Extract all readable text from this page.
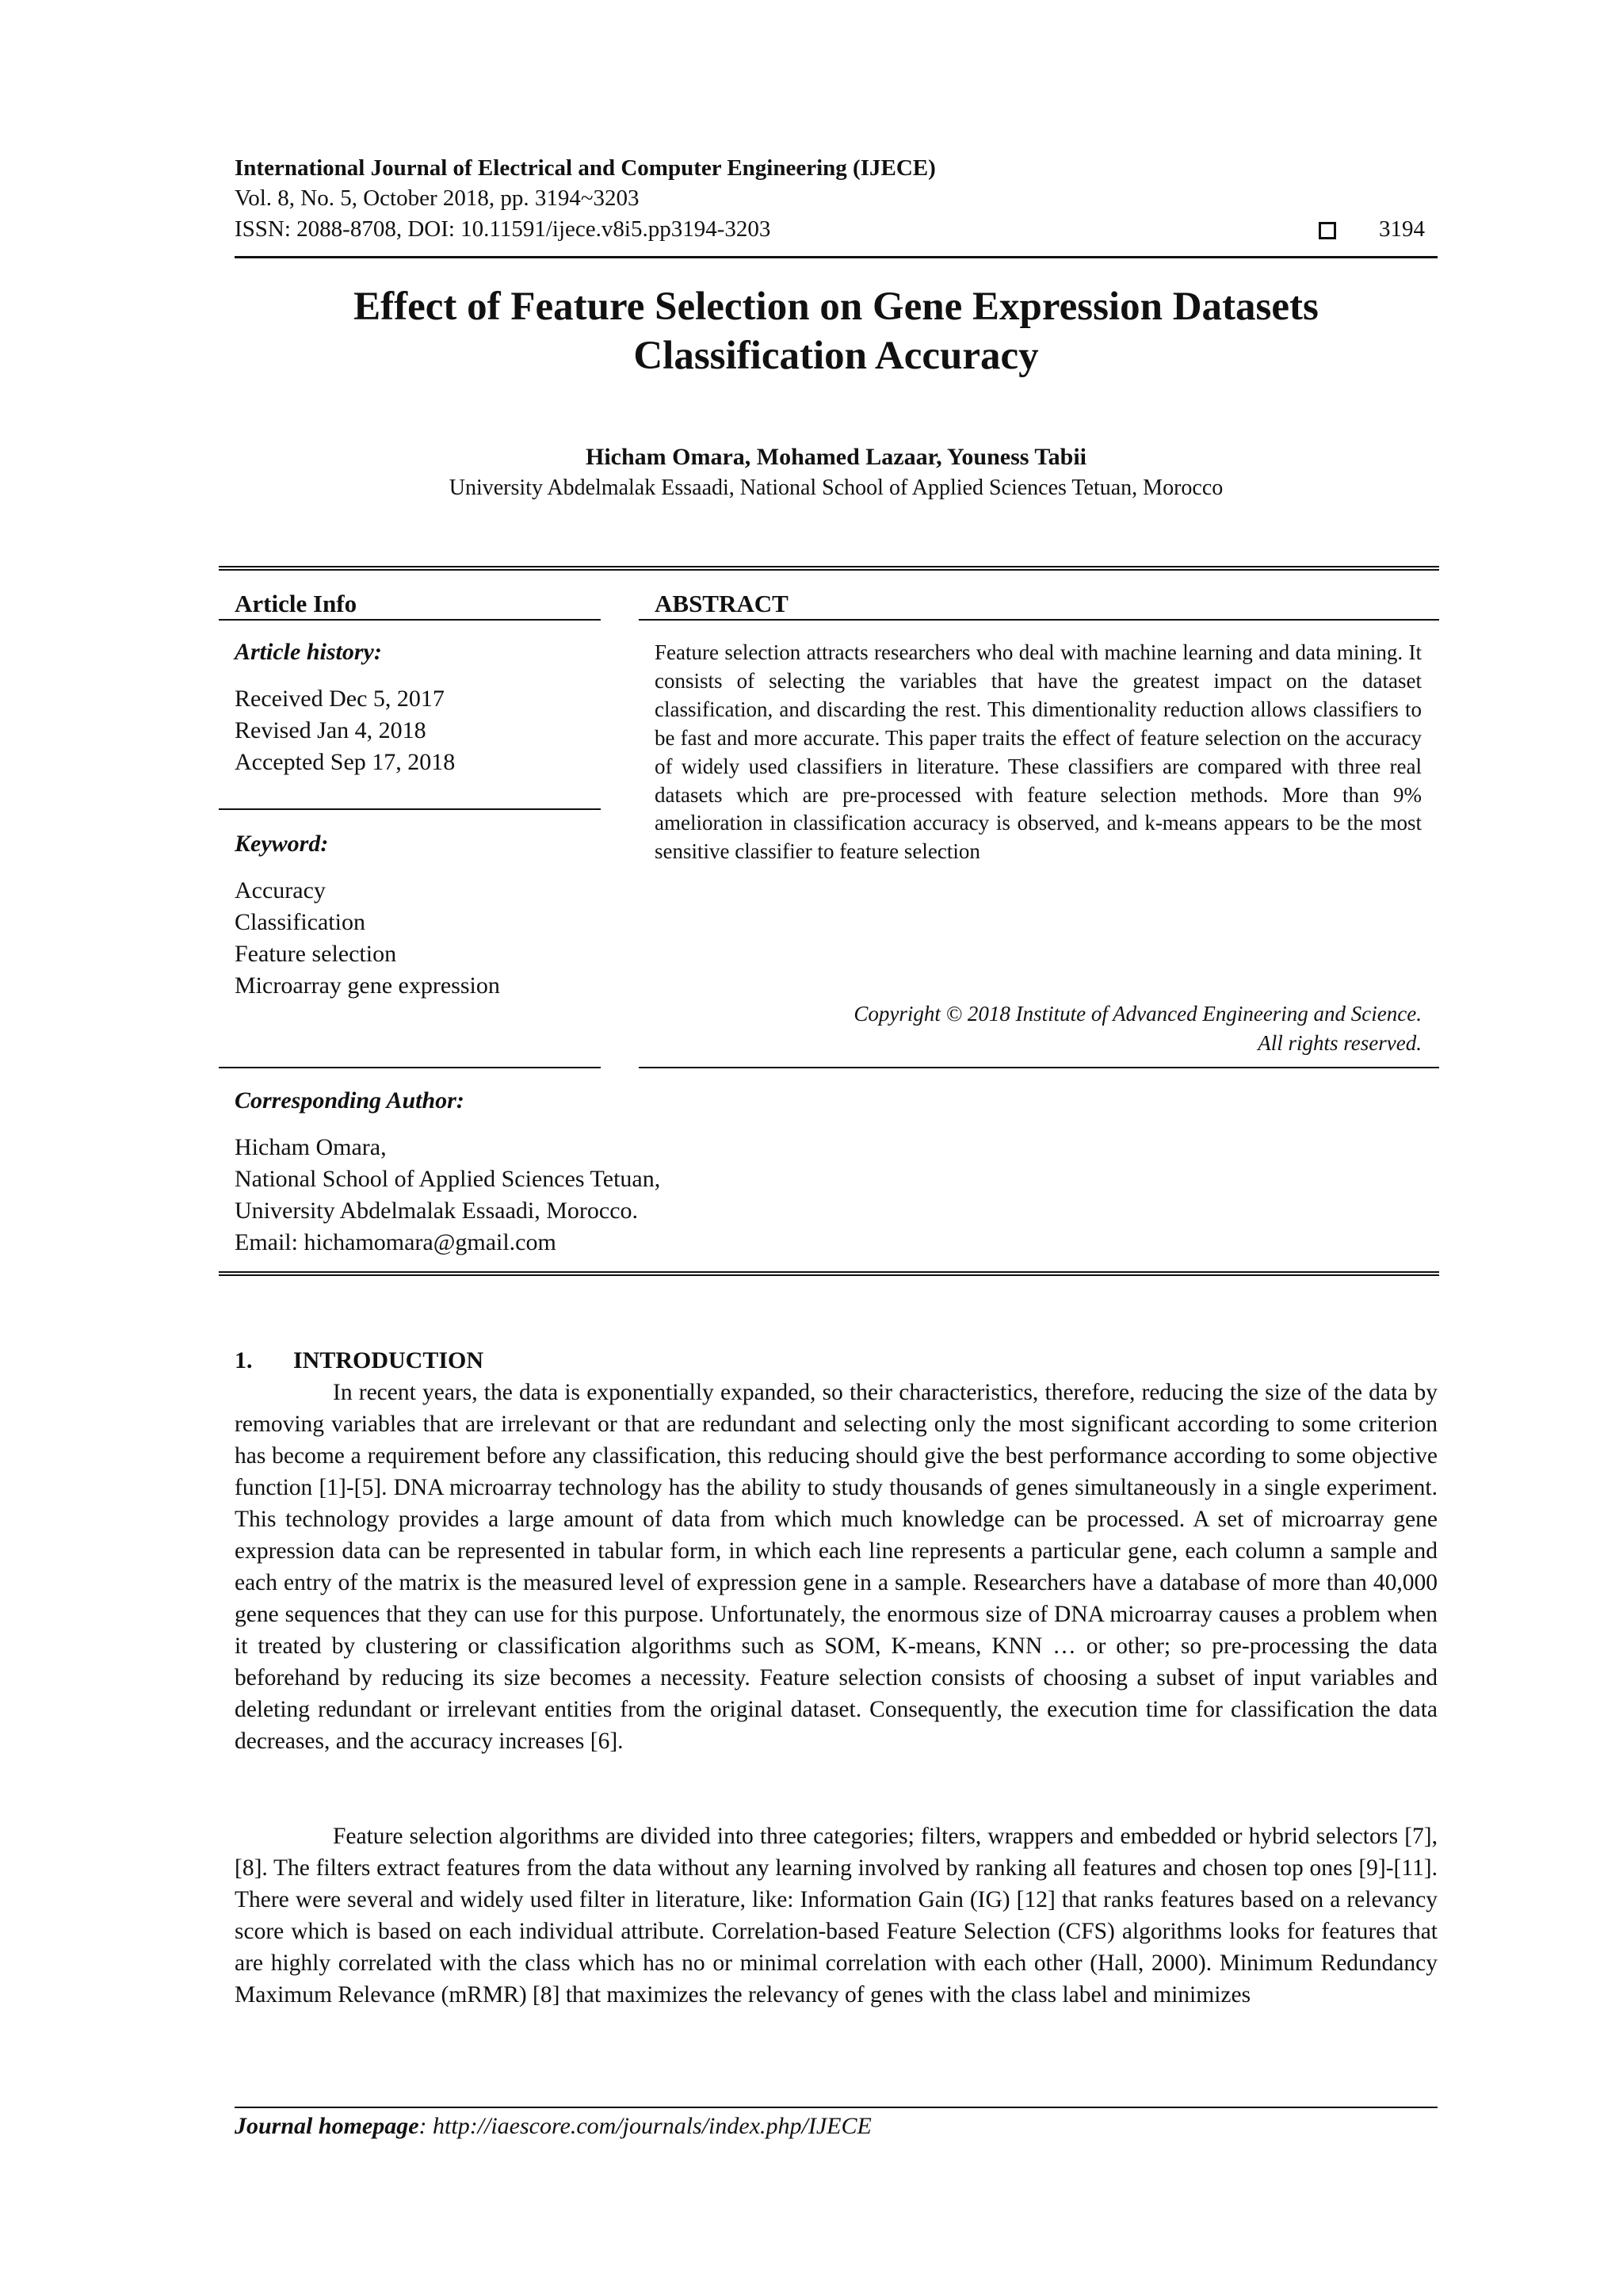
International Journal of Electrical and Computer Engineering (IJECE)
Vol. 8, No. 5, October 2018, pp. 3194~3203
ISSN: 2088-8708, DOI: 10.11591/ijece.v8i5.pp3194-3203	3194
Effect of Feature Selection on Gene Expression Datasets
Classification Accuracy
Hicham Omara, Mohamed Lazaar, Youness Tabii
University Abdelmalak Essaadi, National School of Applied Sciences Tetuan, Morocco
Article Info	ABSTRACT
Article history:
Received Dec 5, 2017
Revised Jan 4, 2018
Accepted Sep 17, 2018
Keyword:
Accuracy
Classification
Feature selection
Microarray gene expression
Feature selection attracts researchers who deal with machine learning and data mining. It consists of selecting the variables that have the greatest impact on the dataset classification, and discarding the rest. This dimentionality reduction allows classifiers to be fast and more accurate. This paper traits the effect of feature selection on the accuracy of widely used classifiers in literature. These classifiers are compared with three real datasets which are pre-processed with feature selection methods. More than 9% amelioration in classification accuracy is observed, and k-means appears to be the most sensitive classifier to feature selection
Copyright © 2018 Institute of Advanced Engineering and Science.
All rights reserved.
Corresponding Author:
Hicham Omara,
National School of Applied Sciences Tetuan,
University Abdelmalak Essaadi, Morocco.
Email: hichamomara@gmail.com
1. INTRODUCTION
In recent years, the data is exponentially expanded, so their characteristics, therefore, reducing the size of the data by removing variables that are irrelevant or that are redundant and selecting only the most significant according to some criterion has become a requirement before any classification, this reducing should give the best performance according to some objective function [1]-[5]. DNA microarray technology has the ability to study thousands of genes simultaneously in a single experiment. This technology provides a large amount of data from which much knowledge can be processed. A set of microarray gene expression data can be represented in tabular form, in which each line represents a particular gene, each column a sample and each entry of the matrix is the measured level of expression gene in a sample. Researchers have a database of more than 40,000 gene sequences that they can use for this purpose. Unfortunately, the enormous size of DNA microarray causes a problem when it treated by clustering or classification algorithms such as SOM, K-means, KNN … or other; so pre-processing the data beforehand by reducing its size becomes a necessity. Feature selection consists of choosing a subset of input variables and deleting redundant or irrelevant entities from the original dataset. Consequently, the execution time for classification the data decreases, and the accuracy increases [6].
Feature selection algorithms are divided into three categories; filters, wrappers and embedded or hybrid selectors [7], [8]. The filters extract features from the data without any learning involved by ranking all features and chosen top ones [9]-[11]. There were several and widely used filter in literature, like: Information Gain (IG) [12] that ranks features based on a relevancy score which is based on each individual attribute. Correlation-based Feature Selection (CFS) algorithms looks for features that are highly correlated with the class which has no or minimal correlation with each other (Hall, 2000). Minimum Redundancy Maximum Relevance (mRMR) [8] that maximizes the relevancy of genes with the class label and minimizes
Journal homepage: http://iaescore.com/journals/index.php/IJECE
